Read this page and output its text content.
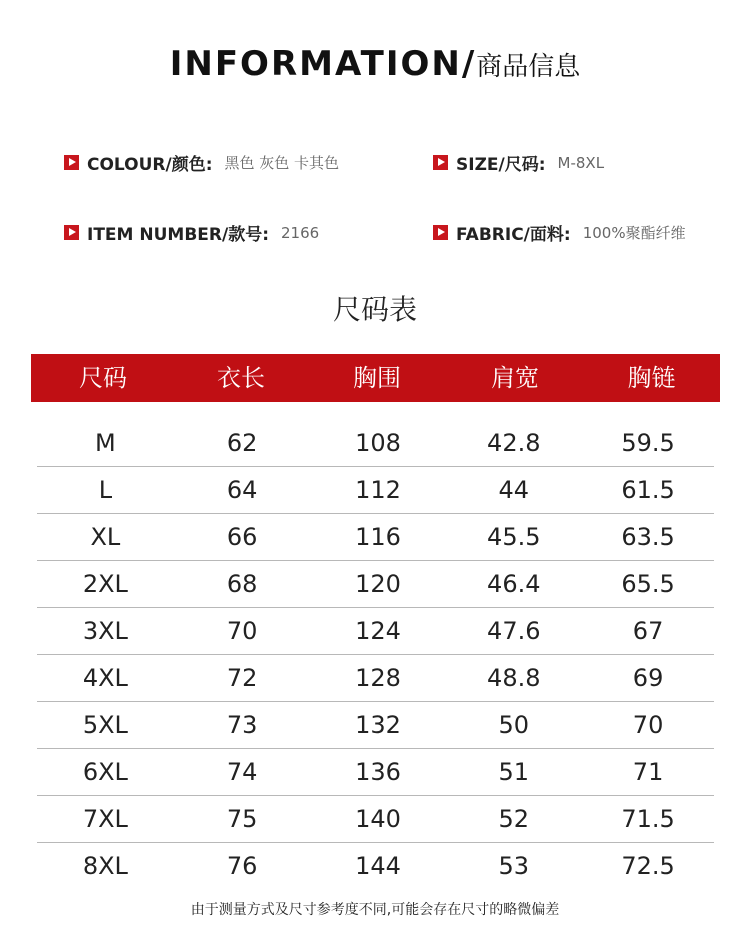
INFORMATION/商品信息
COLOUR/颜色: 黑色 灰色 卡其色	SIZE/尺码: M-8XL
ITEM NUMBER/款号: 2166	FABRIC/面料: 100%聚酯纤维
尺码表
尺码	衣长	胸围	肩宽	胸链
M	62	108	42.8	59.5
L	64	112	44	61.5
XL	66	116	45.5	63.5
2XL	68	120	46.4	65.5
3XL	70	124	47.6	67
4XL	72	128	48.8	69
5XL	73	132	50	70
6XL	74	136	51	71
7XL	75	140	52	71.5
8XL	76	144	53	72.5
由于测量方式及尺寸参考度不同,可能会存在尺寸的略微偏差
